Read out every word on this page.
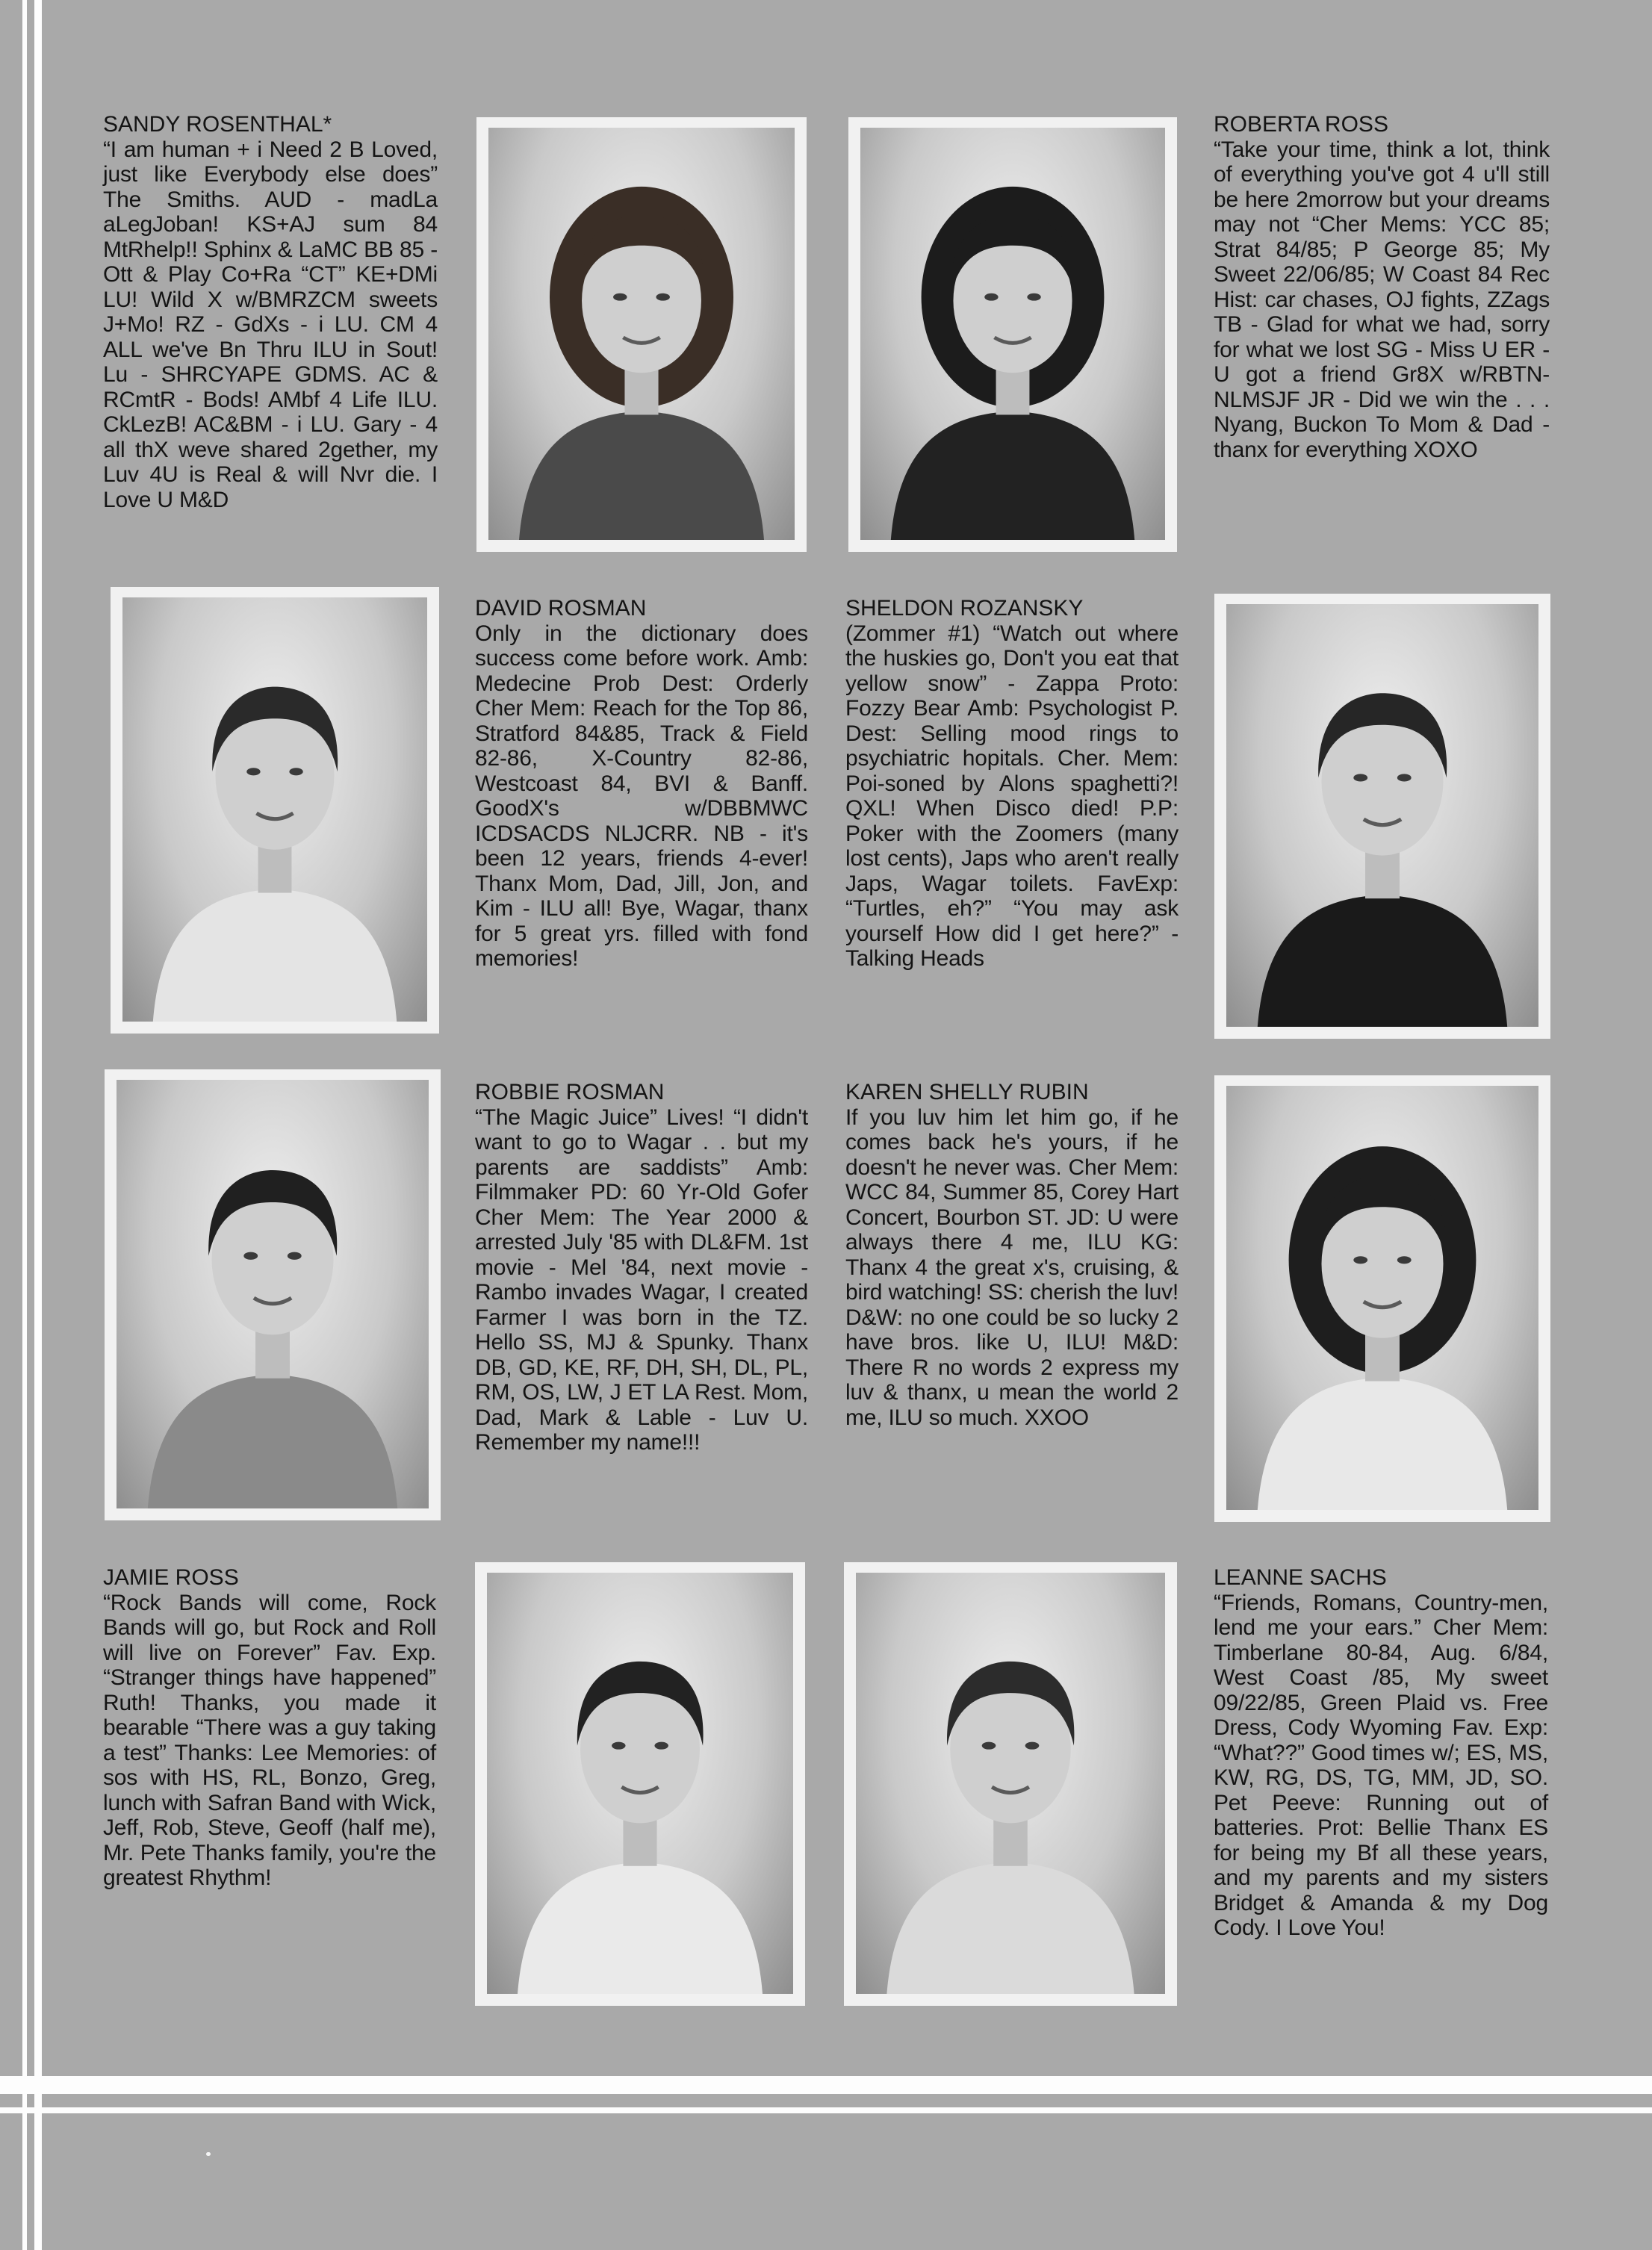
SANDY ROSENTHAL*
“I am human + i Need 2 B Loved, just like Everybody else does” The Smiths. AUD - madLa aLegJoban! KS+AJ sum 84 MtRhelp!! Sphinx & LaMC BB 85 - Ott & Play Co+Ra “CT” KE+DMi LU! Wild X w/BMRZCM sweets J+Mo! RZ - GdXs - i LU. CM 4 ALL we've Bn Thru ILU in Sout! Lu - SHRCYAPE GDMS. AC & RCmtR - Bods! AMbf 4 Life ILU. CkLezB! AC&BM - i LU. Gary - 4 all thX weve shared 2gether, my Luv 4U is Real & will Nvr die. I Love U M&D
ROBERTA ROSS
“Take your time, think a lot, think of everything you've got 4 u'll still be here 2morrow but your dreams may not “Cher Mems: YCC 85; Strat 84/85; P George 85; My Sweet 22/06/85; W Coast 84 Rec Hist: car chases, OJ fights, ZZags TB - Glad for what we had, sorry for what we lost SG - Miss U ER - U got a friend Gr8X w/RBTN-NLMSJF JR - Did we win the . . . Nyang, Buckon To Mom & Dad - thanx for everything XOXO
DAVID ROSMAN
Only in the dictionary does success come before work. Amb: Medecine Prob Dest: Orderly Cher Mem: Reach for the Top 86, Stratford 84&85, Track & Field 82-86, X-Country 82-86, Westcoast 84, BVI & Banff. GoodX's w/DBBMWC ICDSACDS NLJCRR. NB - it's been 12 years, friends 4-ever! Thanx Mom, Dad, Jill, Jon, and Kim - ILU all! Bye, Wagar, thanx for 5 great yrs. filled with fond memories!
SHELDON ROZANSKY
(Zommer #1) “Watch out where the huskies go, Don't you eat that yellow snow” - Zappa Proto: Fozzy Bear Amb: Psychologist P. Dest: Selling mood rings to psychiatric hopitals. Cher. Mem: Poi-soned by Alons spaghetti?! QXL! When Disco died! P.P: Poker with the Zoomers (many lost cents), Japs who aren't really Japs, Wagar toilets. FavExp: “Turtles, eh?” “You may ask yourself How did I get here?” - Talking Heads
ROBBIE ROSMAN
“The Magic Juice” Lives! “I didn't want to go to Wagar . . but my parents are saddists” Amb: Filmmaker PD: 60 Yr-Old Gofer Cher Mem: The Year 2000 & arrested July '85 with DL&FM. 1st movie - Mel '84, next movie - Rambo invades Wagar, I created Farmer I was born in the TZ. Hello SS, MJ & Spunky. Thanx DB, GD, KE, RF, DH, SH, DL, PL, RM, OS, LW, J ET LA Rest. Mom, Dad, Mark & Lable - Luv U. Remember my name!!!
KAREN SHELLY RUBIN
If you luv him let him go, if he comes back he's yours, if he doesn't he never was. Cher Mem: WCC 84, Summer 85, Corey Hart Concert, Bourbon ST. JD: U were always there 4 me, ILU KG: Thanx 4 the great x's, cruising, & bird watching! SS: cherish the luv! D&W: no one could be so lucky 2 have bros. like U, ILU! M&D: There R no words 2 express my luv & thanx, u mean the world 2 me, ILU so much. XXOO
JAMIE ROSS
“Rock Bands will come, Rock Bands will go, but Rock and Roll will live on Forever” Fav. Exp. “Stranger things have happened” Ruth! Thanks, you made it bearable “There was a guy taking a test” Thanks: Lee Memories: of sos with HS, RL, Bonzo, Greg, lunch with Safran Band with Wick, Jeff, Rob, Steve, Geoff (half me), Mr. Pete Thanks family, you're the greatest Rhythm!
LEANNE SACHS
“Friends, Romans, Country-men, lend me your ears.” Cher Mem: Timberlane 80-84, Aug. 6/84, West Coast /85, My sweet 09/22/85, Green Plaid vs. Free Dress, Cody Wyoming Fav. Exp: “What??” Good times w/; ES, MS, KW, RG, DS, TG, MM, JD, SO. Pet Peeve: Running out of batteries. Prot: Bellie Thanx ES for being my Bf all these years, and my parents and my sisters Bridget & Amanda & my Dog Cody. I Love You!
